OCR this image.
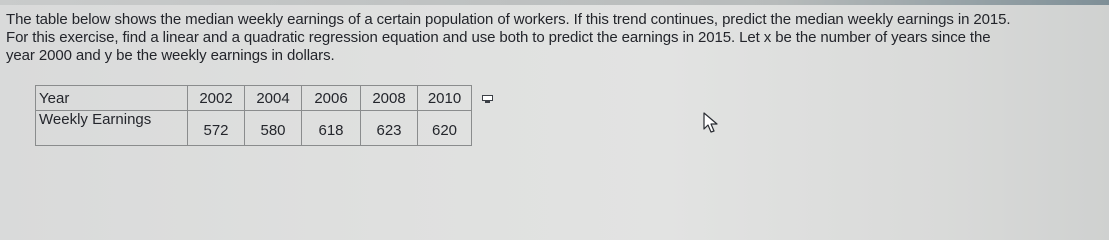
The table below shows the median weekly earnings of a certain population of workers. If this trend continues, predict the median weekly earnings in 2015.
For this exercise, find a linear and a quadratic regression equation and use both to predict the earnings in 2015. Let x be the number of years since the
year 2000 and y be the weekly earnings in dollars.
Year	2002	2004	2006	2008	2010
Weekly Earnings	572	580	618	623	620
